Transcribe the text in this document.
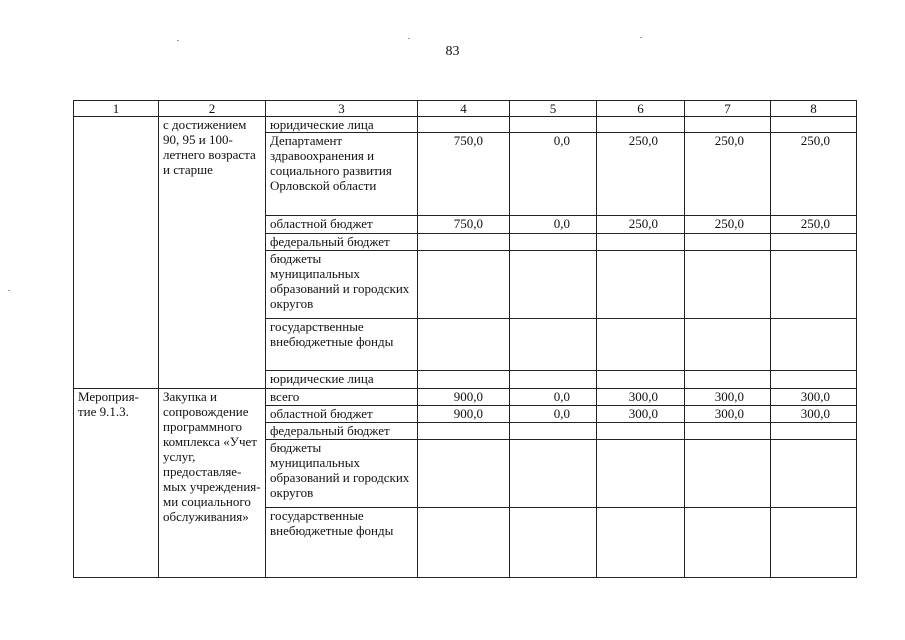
83
1	2	3	4	5	6	7	8
	с достижением 90, 95 и 100-летнего возраста и старше	юридические лица					
		Департамент здравоохранения и социального развития Орловской области	750,0	0,0	250,0	250,0	250,0
		областной бюджет	750,0	0,0	250,0	250,0	250,0
		федеральный бюджет					
		бюджеты муниципальных образований и городских округов					
		государственные внебюджетные фонды					
		юридические лица					
Мероприя-тие 9.1.3.	Закупка и сопровождение программного комплекса «Учет услуг, предоставляе-мых учреждения-ми социального обслуживания»	всего	900,0	0,0	300,0	300,0	300,0
		областной бюджет	900,0	0,0	300,0	300,0	300,0
		федеральный бюджет					
		бюджеты муниципальных образований и городских округов					
		государственные внебюджетные фонды					
